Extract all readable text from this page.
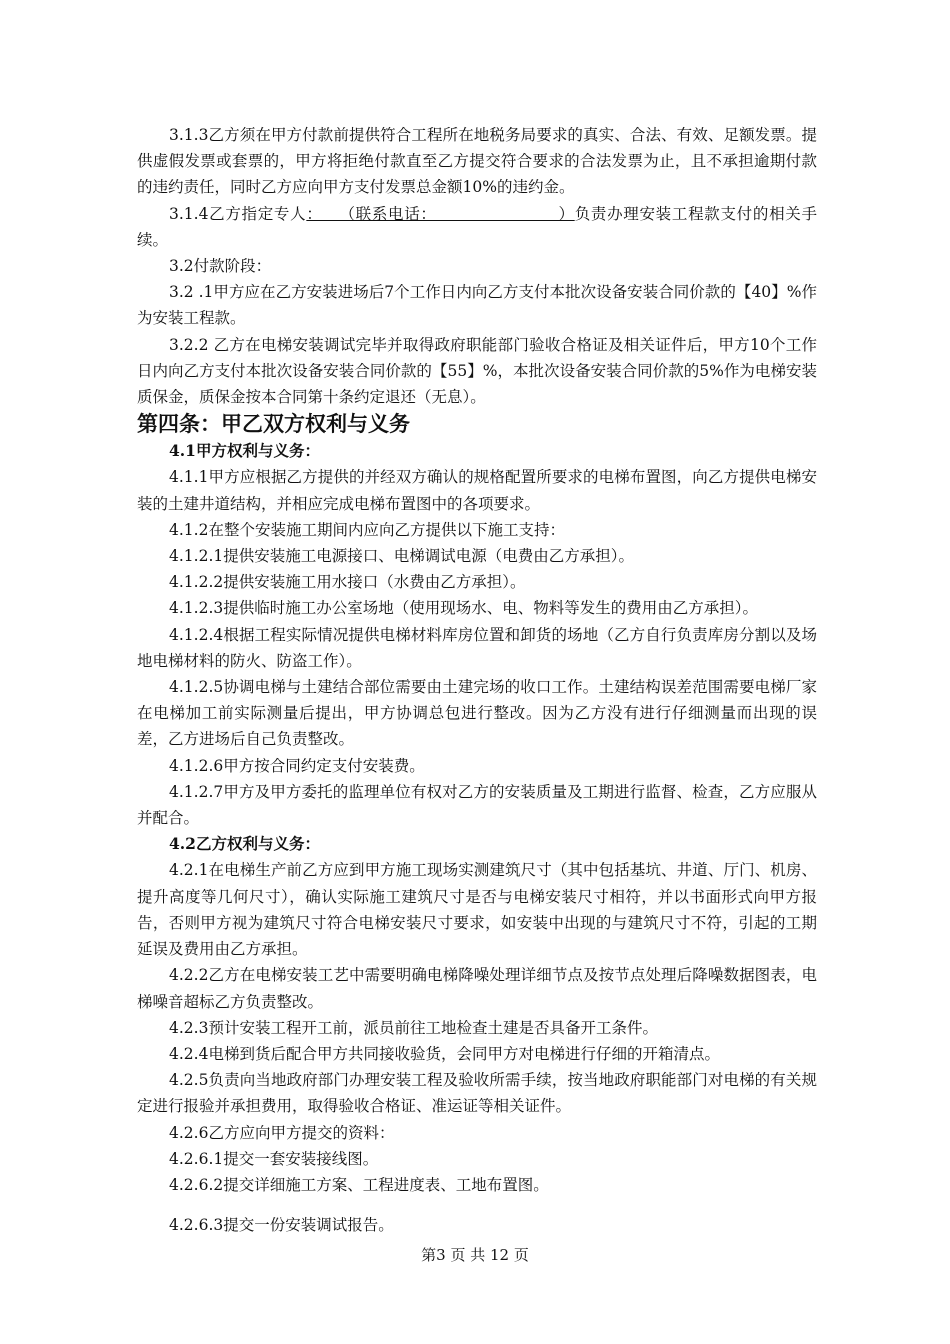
3.1.3乙方须在甲方付款前提供符合工程所在地税务局要求的真实、合法、有效、足额发票。提供虚假发票或套票的，甲方将拒绝付款直至乙方提交符合要求的合法发票为止，且不承担逾期付款的违约责任，同时乙方应向甲方支付发票总金额10%的违约金。

3.1.4乙方指定专人：　　（联系电话：　　　　　　　　）负责办理安装工程款支付的相关手续。

3.2付款阶段：

3.2 .1甲方应在乙方安装进场后7个工作日内向乙方支付本批次设备安装合同价款的【40】%作为安装工程款。

3.2.2 乙方在电梯安装调试完毕并取得政府职能部门验收合格证及相关证件后，甲方10个工作日内向乙方支付本批次设备安装合同价款的【55】%，本批次设备安装合同价款的5%作为电梯安装质保金，质保金按本合同第十条约定退还（无息）。

第四条：甲乙双方权利与义务

4.1甲方权利与义务：

4.1.1甲方应根据乙方提供的并经双方确认的规格配置所要求的电梯布置图，向乙方提供电梯安装的土建井道结构，并相应完成电梯布置图中的各项要求。

4.1.2在整个安装施工期间内应向乙方提供以下施工支持：

4.1.2.1提供安装施工电源接口、电梯调试电源（电费由乙方承担）。

4.1.2.2提供安装施工用水接口（水费由乙方承担）。

4.1.2.3提供临时施工办公室场地（使用现场水、电、物料等发生的费用由乙方承担）。

4.1.2.4根据工程实际情况提供电梯材料库房位置和卸货的场地（乙方自行负责库房分割以及场地电梯材料的防火、防盗工作）。

4.1.2.5协调电梯与土建结合部位需要由土建完场的收口工作。土建结构误差范围需要电梯厂家在电梯加工前实际测量后提出，甲方协调总包进行整改。因为乙方没有进行仔细测量而出现的误差，乙方进场后自己负责整改。

4.1.2.6甲方按合同约定支付安装费。

4.1.2.7甲方及甲方委托的监理单位有权对乙方的安装质量及工期进行监督、检查，乙方应服从并配合。

4.2乙方权利与义务：

4.2.1在电梯生产前乙方应到甲方施工现场实测建筑尺寸（其中包括基坑、井道、厅门、机房、提升高度等几何尺寸），确认实际施工建筑尺寸是否与电梯安装尺寸相符，并以书面形式向甲方报告，否则甲方视为建筑尺寸符合电梯安装尺寸要求，如安装中出现的与建筑尺寸不符，引起的工期延误及费用由乙方承担。

4.2.2乙方在电梯安装工艺中需要明确电梯降噪处理详细节点及按节点处理后降噪数据图表，电梯噪音超标乙方负责整改。

4.2.3预计安装工程开工前，派员前往工地检查土建是否具备开工条件。

4.2.4电梯到货后配合甲方共同接收验货，会同甲方对电梯进行仔细的开箱清点。

4.2.5负责向当地政府部门办理安装工程及验收所需手续，按当地政府职能部门对电梯的有关规定进行报验并承担费用，取得验收合格证、准运证等相关证件。

4.2.6乙方应向甲方提交的资料：

4.2.6.1提交一套安装接线图。

4.2.6.2提交详细施工方案、工程进度表、工地布置图。

4.2.6.3提交一份安装调试报告。

第3 页 共 12 页
